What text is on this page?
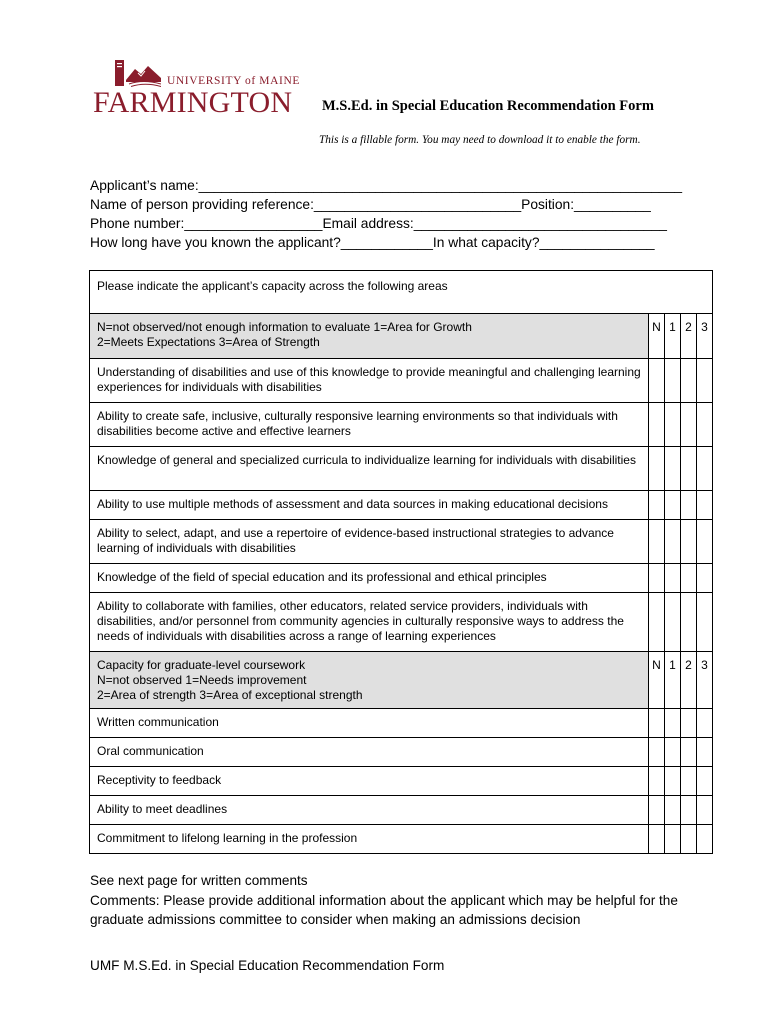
UNIVERSITY of MAINE
FARMINGTON M.S.Ed. in Special Education Recommendation Form
This is a fillable form. You may need to download it to enable the form.
Applicant’s name:_______________________________________________________________
Name of person providing reference:___________________________Position:__________
Phone number:__________________Email address:_________________________________
How long have you known the applicant?____________In what capacity?_______________
Please indicate the applicant’s capacity across the following areas
N=not observed/not enough information to evaluate 1=Area for Growth
2=Meets Expectations 3=Area of Strength
N 1 2 3
Understanding of disabilities and use of this knowledge to provide meaningful and challenging learning experiences for individuals with disabilities
Ability to create safe, inclusive, culturally responsive learning environments so that individuals with disabilities become active and effective learners
Knowledge of general and specialized curricula to individualize learning for individuals with disabilities
Ability to use multiple methods of assessment and data sources in making educational decisions
Ability to select, adapt, and use a repertoire of evidence-based instructional strategies to advance learning of individuals with disabilities
Knowledge of the field of special education and its professional and ethical principles
Ability to collaborate with families, other educators, related service providers, individuals with disabilities, and/or personnel from community agencies in culturally responsive ways to address the needs of individuals with disabilities across a range of learning experiences
Capacity for graduate-level coursework
N=not observed 1=Needs improvement
2=Area of strength 3=Area of exceptional strength
N 1 2 3
Written communication
Oral communication
Receptivity to feedback
Ability to meet deadlines
Commitment to lifelong learning in the profession
See next page for written comments
Comments: Please provide additional information about the applicant which may be helpful for the graduate admissions committee to consider when making an admissions decision
UMF M.S.Ed. in Special Education Recommendation Form
